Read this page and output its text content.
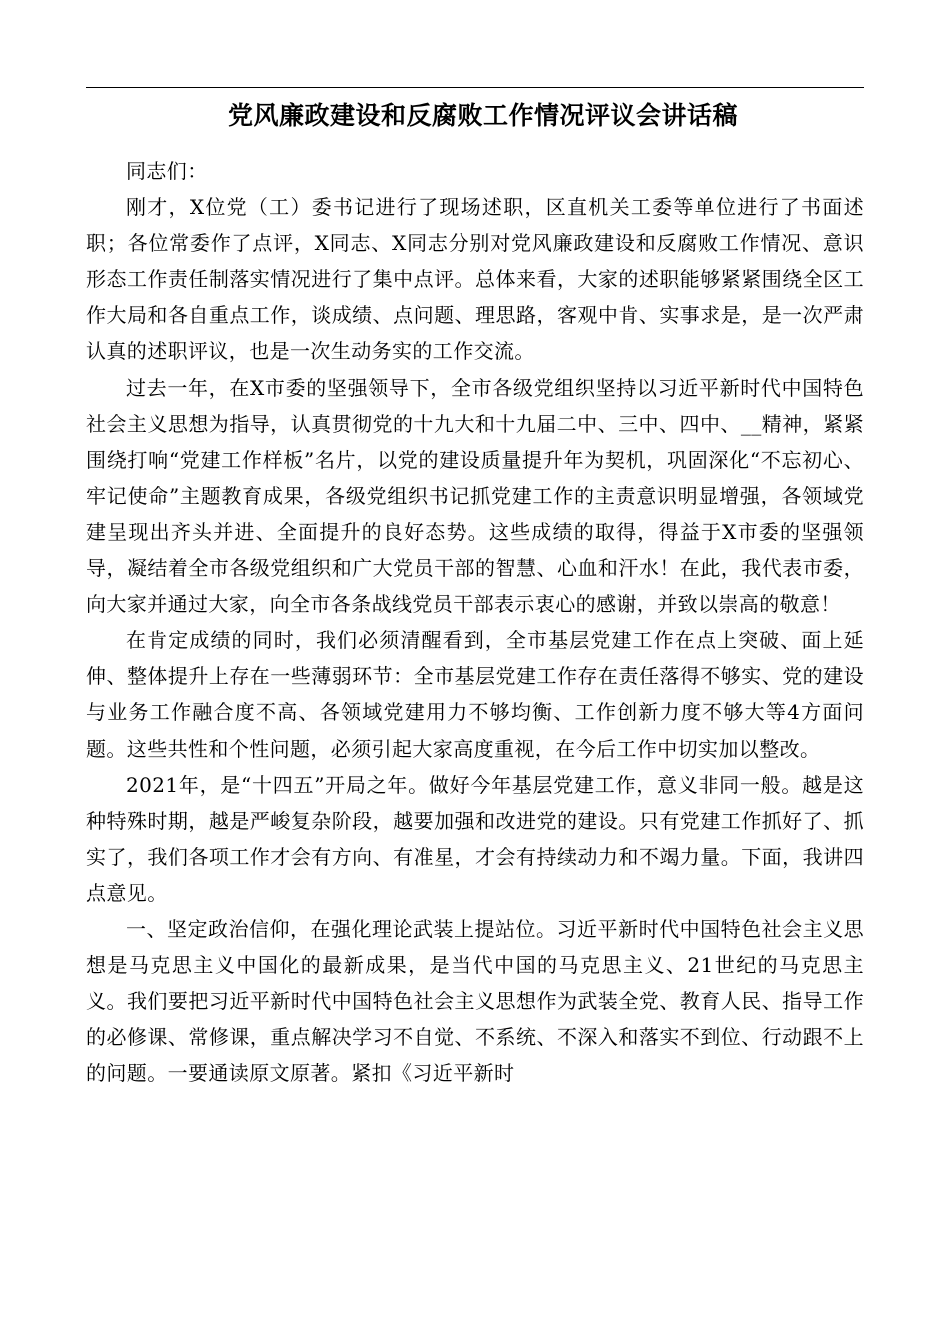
党风廉政建设和反腐败工作情况评议会讲话稿

同志们：

刚才，X位党（工）委书记进行了现场述职，区直机关工委等单位进行了书面述职；各位常委作了点评，X同志、X同志分别对党风廉政建设和反腐败工作情况、意识形态工作责任制落实情况进行了集中点评。总体来看，大家的述职能够紧紧围绕全区工作大局和各自重点工作，谈成绩、点问题、理思路，客观中肯、实事求是，是一次严肃认真的述职评议，也是一次生动务实的工作交流。

过去一年，在X市委的坚强领导下，全市各级党组织坚持以习近平新时代中国特色社会主义思想为指导，认真贯彻党的十九大和十九届二中、三中、四中、__精神，紧紧围绕打响“党建工作样板”名片，以党的建设质量提升年为契机，巩固深化“不忘初心、牢记使命”主题教育成果，各级党组织书记抓党建工作的主责意识明显增强，各领域党建呈现出齐头并进、全面提升的良好态势。这些成绩的取得，得益于X市委的坚强领导，凝结着全市各级党组织和广大党员干部的智慧、心血和汗水！在此，我代表市委，向大家并通过大家，向全市各条战线党员干部表示衷心的感谢，并致以崇高的敬意！

在肯定成绩的同时，我们必须清醒看到，全市基层党建工作在点上突破、面上延伸、整体提升上存在一些薄弱环节：全市基层党建工作存在责任落得不够实、党的建设与业务工作融合度不高、各领域党建用力不够均衡、工作创新力度不够大等4方面问题。这些共性和个性问题，必须引起大家高度重视，在今后工作中切实加以整改。

2021年，是“十四五”开局之年。做好今年基层党建工作，意义非同一般。越是这种特殊时期，越是严峻复杂阶段，越要加强和改进党的建设。只有党建工作抓好了、抓实了，我们各项工作才会有方向、有准星，才会有持续动力和不竭力量。下面，我讲四点意见。

一、坚定政治信仰，在强化理论武装上提站位。习近平新时代中国特色社会主义思想是马克思主义中国化的最新成果，是当代中国的马克思主义、21世纪的马克思主义。我们要把习近平新时代中国特色社会主义思想作为武装全党、教育人民、指导工作的必修课、常修课，重点解决学习不自觉、不系统、不深入和落实不到位、行动跟不上的问题。一要通读原文原著。紧扣《习近平新时
